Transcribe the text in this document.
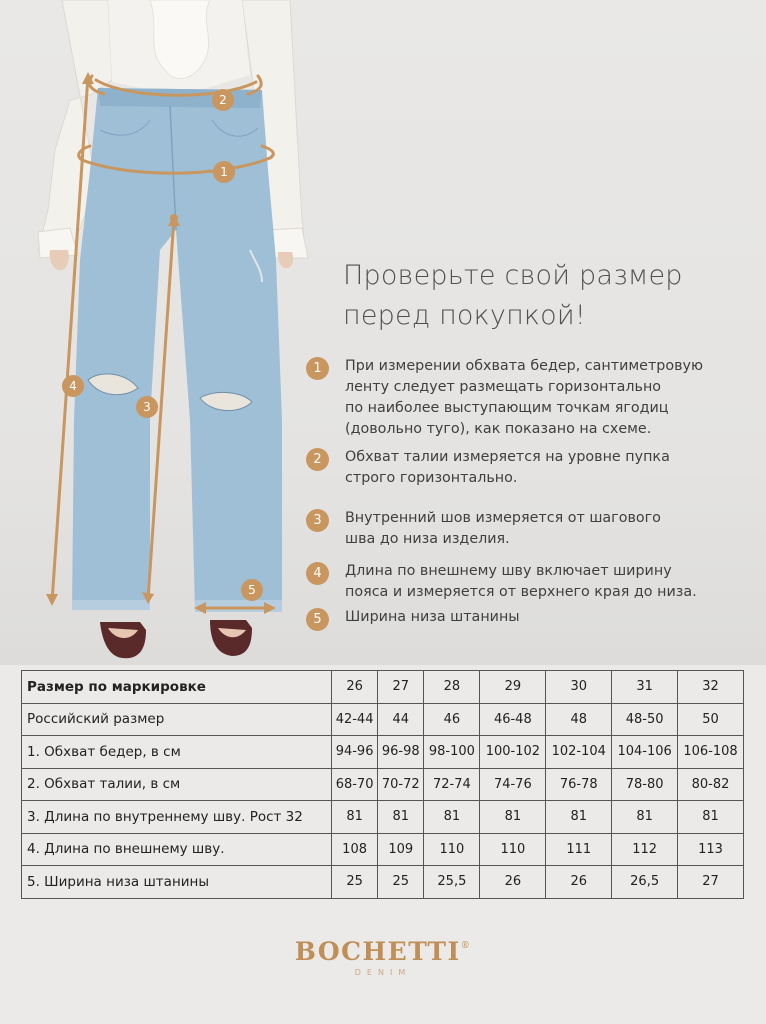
1
2
3
4
5
Проверьте свой размер
перед покупкой!
1	При измерении обхвата бедер, сантиметровую
ленту следует размещать горизонтально
по наиболее выступающим точкам ягодиц
(довольно туго), как показано на схеме.
2	Обхват талии измеряется на уровне пупка
строго горизонтально.
3	Внутренний шов измеряется от шагового
шва до низа изделия.
4	Длина по внешнему шву включает ширину
пояса и измеряется от верхнего края до низа.
5	Ширина низа штанины
Размер по маркировке	26	27	28	29	30	31	32
Российский размер	42-44	44	46	46-48	48	48-50	50
1. Обхват бедер, в см	94-96	96-98	98-100	100-102	102-104	104-106	106-108
2. Обхват талии, в см	68-70	70-72	72-74	74-76	76-78	78-80	80-82
3. Длина по внутреннему шву. Рост 32	81	81	81	81	81	81	81
4. Длина по внешнему шву.	108	109	110	110	111	112	113
5. Ширина низа штанины	25	25	25,5	26	26	26,5	27
BOCHETTI®
DENIM
